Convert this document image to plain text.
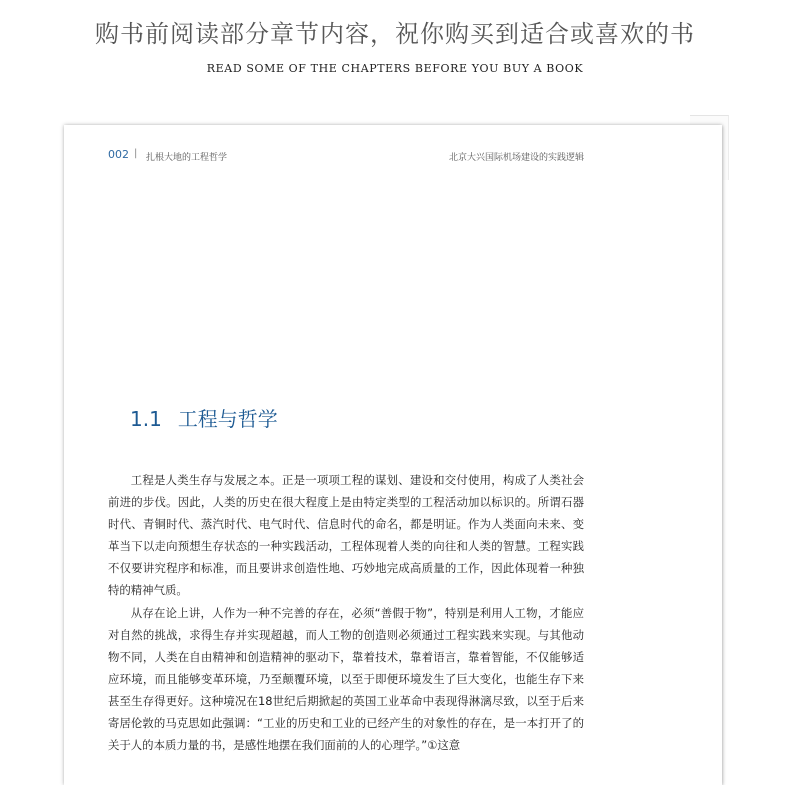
购书前阅读部分章节内容，祝你购买到适合或喜欢的书
READ SOME OF THE CHAPTERS BEFORE YOU BUY A BOOK
002 | 扎根大地的工程哲学	北京大兴国际机场建设的实践逻辑
1.1 工程与哲学

工程是人类生存与发展之本。正是一项项工程的谋划、建设和交付使用，构成了人类社会前进的步伐。因此，人类的历史在很大程度上是由特定类型的工程活动加以标识的。所谓石器时代、青铜时代、蒸汽时代、电气时代、信息时代的命名，都是明证。作为人类面向未来、变革当下以走向预想生存状态的一种实践活动，工程体现着人类的向往和人类的智慧。工程实践不仅要讲究程序和标准，而且要讲求创造性地、巧妙地完成高质量的工作，因此体现着一种独特的精神气质。

从存在论上讲，人作为一种不完善的存在，必须“善假于物”，特别是利用人工物，才能应对自然的挑战，求得生存并实现超越，而人工物的创造则必须通过工程实践来实现。与其他动物不同，人类在自由精神和创造精神的驱动下，靠着技术，靠着语言，靠着智能，不仅能够适应环境，而且能够变革环境，乃至颠覆环境，以至于即便环境发生了巨大变化，也能生存下来甚至生存得更好。这种境况在18世纪后期掀起的英国工业革命中表现得淋漓尽致，以至于后来寄居伦敦的马克思如此强调：“工业的历史和工业的已经产生的对象性的存在，是一本打开了的关于人的本质力量的书，是感性地摆在我们面前的人的心理学。”①这意
